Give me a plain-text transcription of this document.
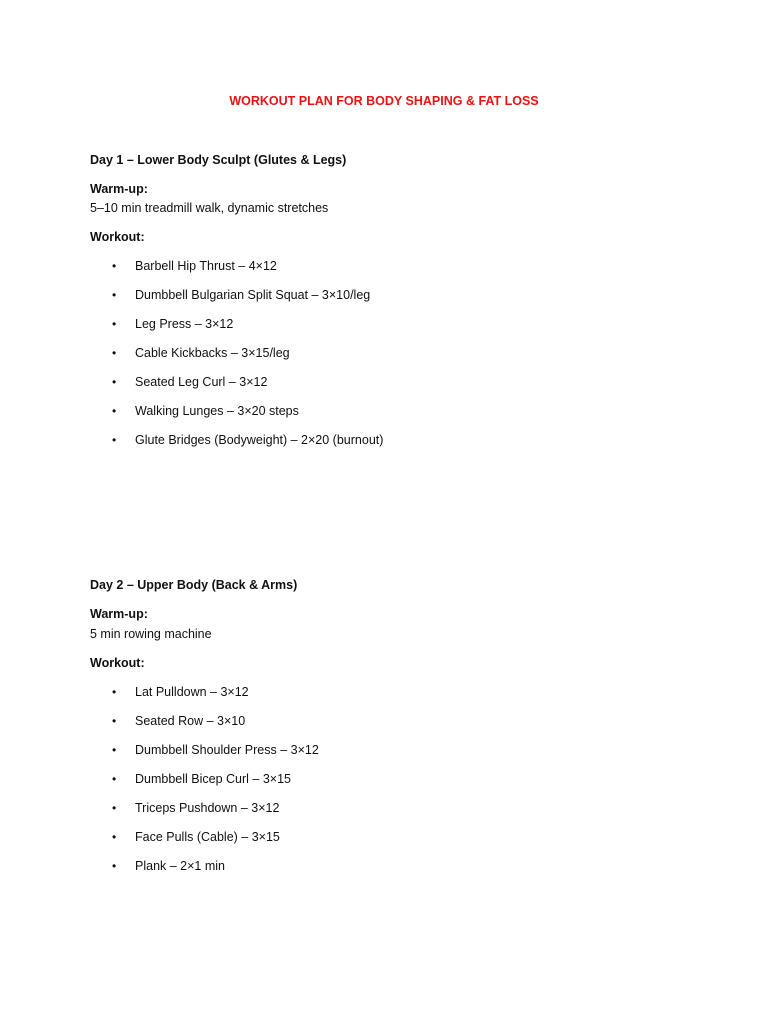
WORKOUT PLAN FOR BODY SHAPING & FAT LOSS
Day 1 – Lower Body Sculpt (Glutes & Legs)
Warm-up:
5–10 min treadmill walk, dynamic stretches
Workout:
• Barbell Hip Thrust – 4×12
• Dumbbell Bulgarian Split Squat – 3×10/leg
• Leg Press – 3×12
• Cable Kickbacks – 3×15/leg
• Seated Leg Curl – 3×12
• Walking Lunges – 3×20 steps
• Glute Bridges (Bodyweight) – 2×20 (burnout)
Day 2 – Upper Body (Back & Arms)
Warm-up:
5 min rowing machine
Workout:
• Lat Pulldown – 3×12
• Seated Row – 3×10
• Dumbbell Shoulder Press – 3×12
• Dumbbell Bicep Curl – 3×15
• Triceps Pushdown – 3×12
• Face Pulls (Cable) – 3×15
• Plank – 2×1 min
